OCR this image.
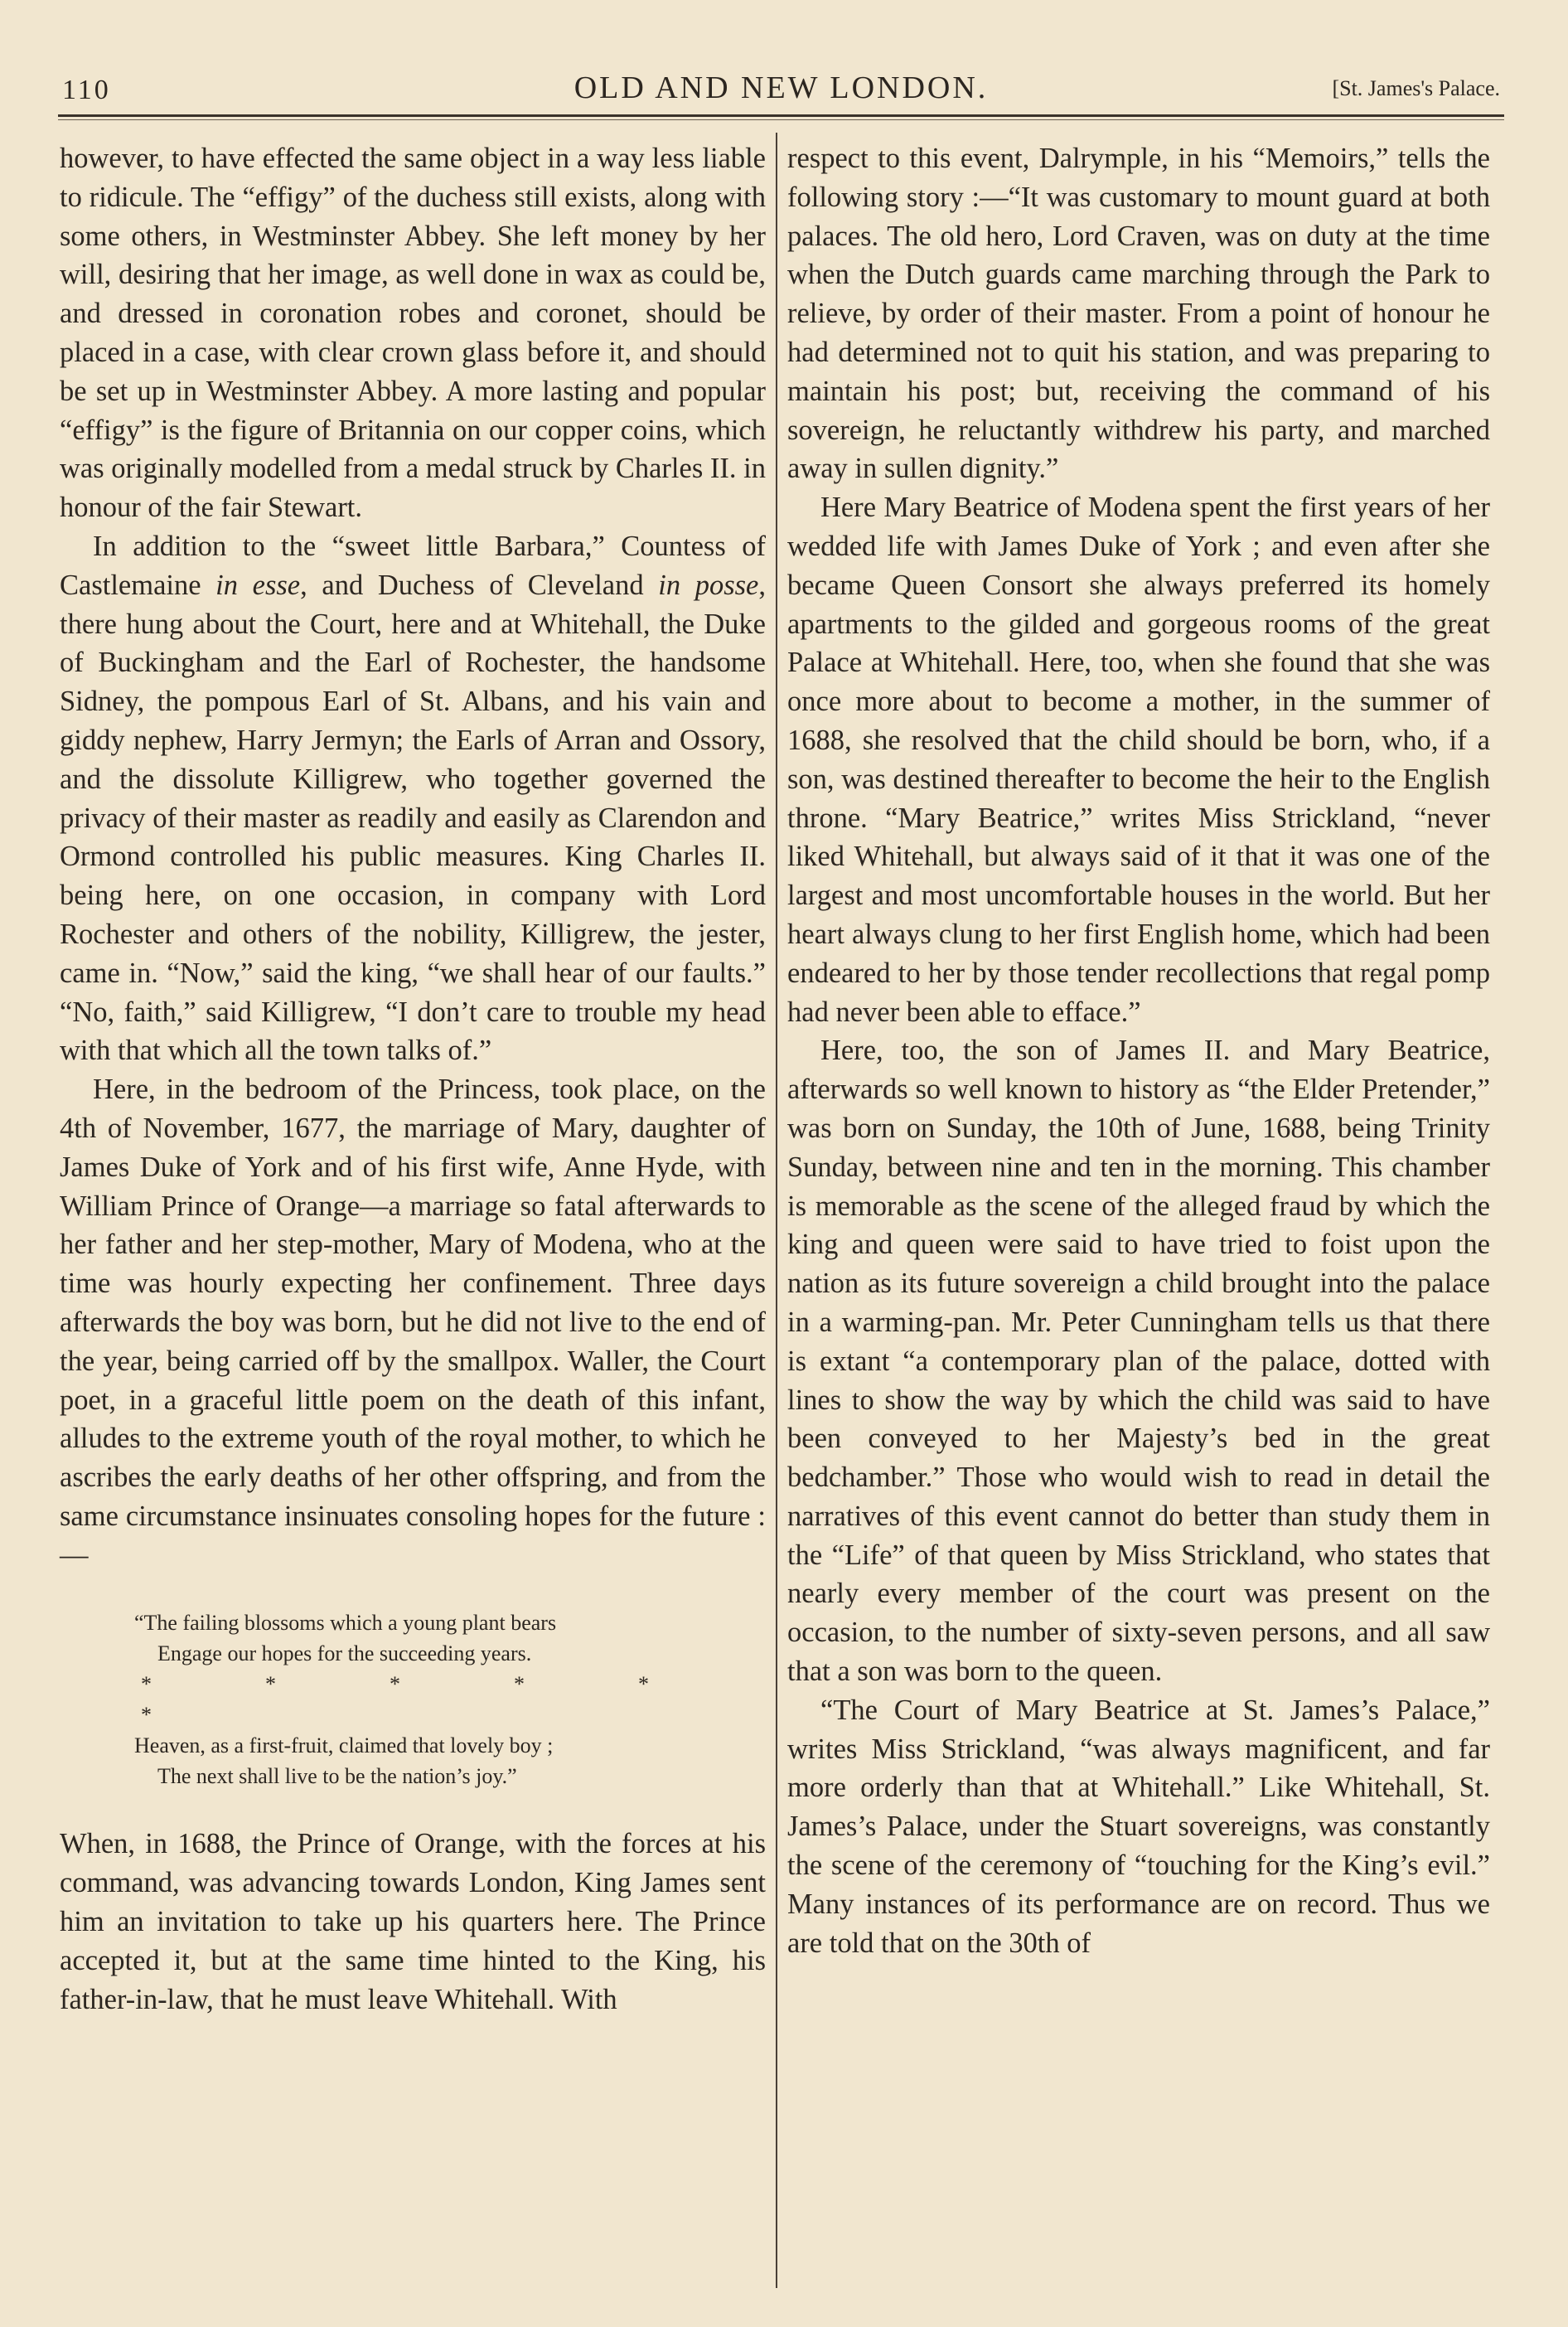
110	OLD AND NEW LONDON.	[St. James's Palace.

however, to have effected the same object in a way less liable to ridicule. The “effigy” of the duchess still exists, along with some others, in Westminster Abbey. She left money by her will, desiring that her image, as well done in wax as could be, and dressed in coronation robes and coronet, should be placed in a case, with clear crown glass before it, and should be set up in Westminster Abbey. A more lasting and popular “effigy” is the figure of Britannia on our copper coins, which was originally modelled from a medal struck by Charles II. in honour of the fair Stewart.

In addition to the “sweet little Barbara,” Countess of Castlemaine in esse, and Duchess of Cleveland in posse, there hung about the Court, here and at Whitehall, the Duke of Buckingham and the Earl of Rochester, the handsome Sidney, the pompous Earl of St. Albans, and his vain and giddy nephew, Harry Jermyn; the Earls of Arran and Ossory, and the dissolute Killigrew, who together governed the privacy of their master as readily and easily as Clarendon and Ormond controlled his public measures. King Charles II. being here, on one occasion, in company with Lord Rochester and others of the nobility, Killigrew, the jester, came in. “Now,” said the king, “we shall hear of our faults.” “No, faith,” said Killigrew, “I don’t care to trouble my head with that which all the town talks of.”

Here, in the bedroom of the Princess, took place, on the 4th of November, 1677, the marriage of Mary, daughter of James Duke of York and of his first wife, Anne Hyde, with William Prince of Orange—a marriage so fatal afterwards to her father and her step-mother, Mary of Modena, who at the time was hourly expecting her confinement. Three days afterwards the boy was born, but he did not live to the end of the year, being carried off by the smallpox. Waller, the Court poet, in a graceful little poem on the death of this infant, alludes to the extreme youth of the royal mother, to which he ascribes the early deaths of her other offspring, and from the same circumstance insinuates consoling hopes for the future :—

“The failing blossoms which a young plant bears
Engage our hopes for the succeeding years.
*	*	*	*	**
Heaven, as a first-fruit, claimed that lovely boy ;
The next shall live to be the nation’s joy.”

When, in 1688, the Prince of Orange, with the forces at his command, was advancing towards London, King James sent him an invitation to take up his quarters here. The Prince accepted it, but at the same time hinted to the King, his father-in-law, that he must leave Whitehall. With

respect to this event, Dalrymple, in his “Memoirs,” tells the following story :—“It was customary to mount guard at both palaces. The old hero, Lord Craven, was on duty at the time when the Dutch guards came marching through the Park to relieve, by order of their master. From a point of honour he had determined not to quit his station, and was preparing to maintain his post; but, receiving the command of his sovereign, he reluctantly withdrew his party, and marched away in sullen dignity.”

Here Mary Beatrice of Modena spent the first years of her wedded life with James Duke of York ; and even after she became Queen Consort she always preferred its homely apartments to the gilded and gorgeous rooms of the great Palace at Whitehall. Here, too, when she found that she was once more about to become a mother, in the summer of 1688, she resolved that the child should be born, who, if a son, was destined thereafter to become the heir to the English throne. “Mary Beatrice,” writes Miss Strickland, “never liked Whitehall, but always said of it that it was one of the largest and most uncomfortable houses in the world. But her heart always clung to her first English home, which had been endeared to her by those tender recollections that regal pomp had never been able to efface.”

Here, too, the son of James II. and Mary Beatrice, afterwards so well known to history as “the Elder Pretender,” was born on Sunday, the 10th of June, 1688, being Trinity Sunday, between nine and ten in the morning. This chamber is memorable as the scene of the alleged fraud by which the king and queen were said to have tried to foist upon the nation as its future sovereign a child brought into the palace in a warming-pan. Mr. Peter Cunningham tells us that there is extant “a contemporary plan of the palace, dotted with lines to show the way by which the child was said to have been conveyed to her Majesty’s bed in the great bedchamber.” Those who would wish to read in detail the narratives of this event cannot do better than study them in the “Life” of that queen by Miss Strickland, who states that nearly every member of the court was present on the occasion, to the number of sixty-seven persons, and all saw that a son was born to the queen.

“The Court of Mary Beatrice at St. James’s Palace,” writes Miss Strickland, “was always magnificent, and far more orderly than that at Whitehall.” Like Whitehall, St. James’s Palace, under the Stuart sovereigns, was constantly the scene of the ceremony of “touching for the King’s evil.” Many instances of its performance are on record. Thus we are told that on the 30th of
